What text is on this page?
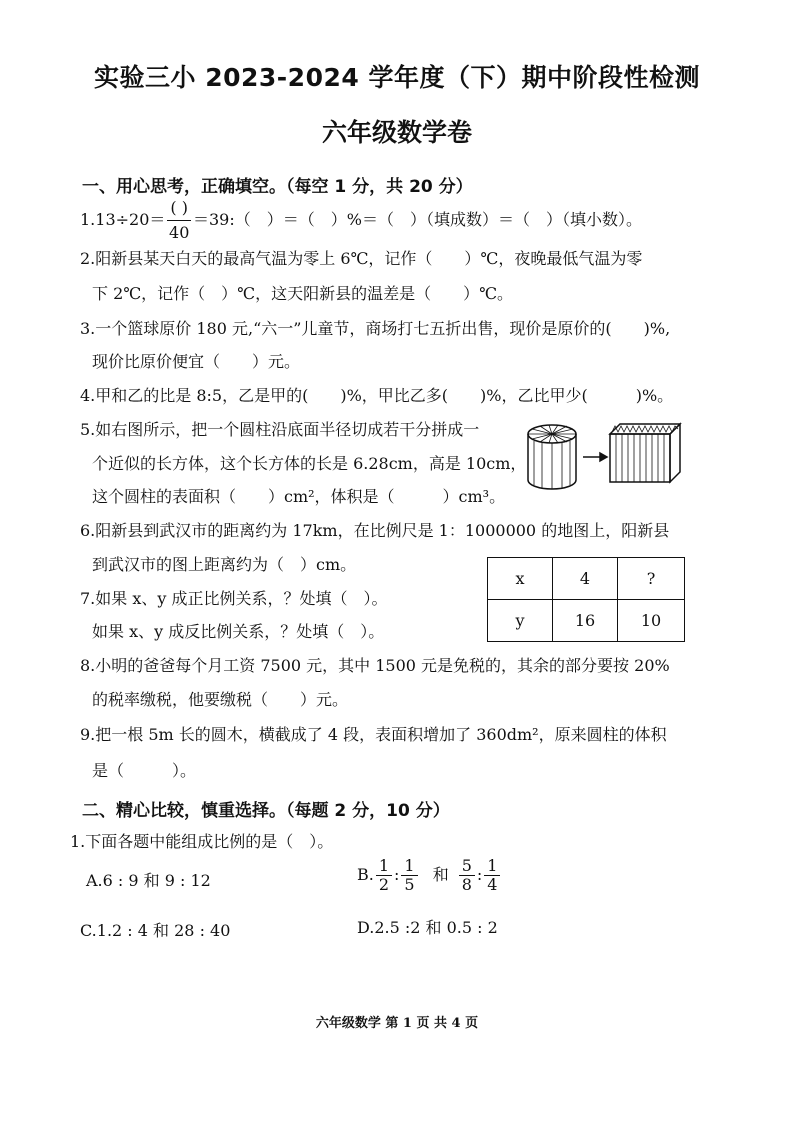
实验三小 2023-2024 学年度（下）期中阶段性检测
六年级数学卷
一、用心思考，正确填空。（每空 1 分，共 20 分）
$1.13\div 20= \frac{( )}{40}$ ＝39:（　）＝（　）%＝（　）（填成数）＝（　）（填小数）。
2.阳新县某天白天的最高气温为零上 6℃，记作（　　）℃，夜晚最低气温为零
下 2℃，记作（　）℃，这天阳新县的温差是（　　）℃。
3.一个篮球原价 180 元,“六一”儿童节，商场打七五折出售，现价是原价的(　　)%,
现价比原价便宜（　　）元。
4.甲和乙的比是 8:5，乙是甲的(　　)%，甲比乙多(　　)%，乙比甲少(　　　)%。
5.如右图所示，把一个圆柱沿底面半径切成若干分拼成一
个近似的长方体，这个长方体的长是 6.28cm，高是 10cm，
这个圆柱的表面积（　　）cm²，体积是（　　　）cm³。
6.阳新县到武汉市的距离约为 17km，在比例尺是 1：1000000 的地图上，阳新县
到武汉市的图上距离约为（　）cm。
7.如果 x、y 成正比例关系，？处填（　）。
如果 x、y 成反比例关系，？处填（　）。
x	4	?
y	16	10
8.小明的爸爸每个月工资 7500 元，其中 1500 元是免税的，其余的部分要按 20%
的税率缴税，他要缴税（　　）元。
9.把一根 5m 长的圆木，横截成了 4 段，表面积增加了 360dm²，原来圆柱的体积
是（　　　）。
二、精心比较，慎重选择。（每题 2 分，10 分）
1.下面各题中能组成比例的是（　）。
A.6 : 9 和 9 : 12	B. $\frac{1}{2}$ : $\frac{1}{5}$ 和 $\frac{5}{8}$ : $\frac{1}{4}$
C.1.2 : 4 和 28 : 40	D.2.5 :2 和 0.5 : 2
六年级数学 第 1 页 共 4 页
